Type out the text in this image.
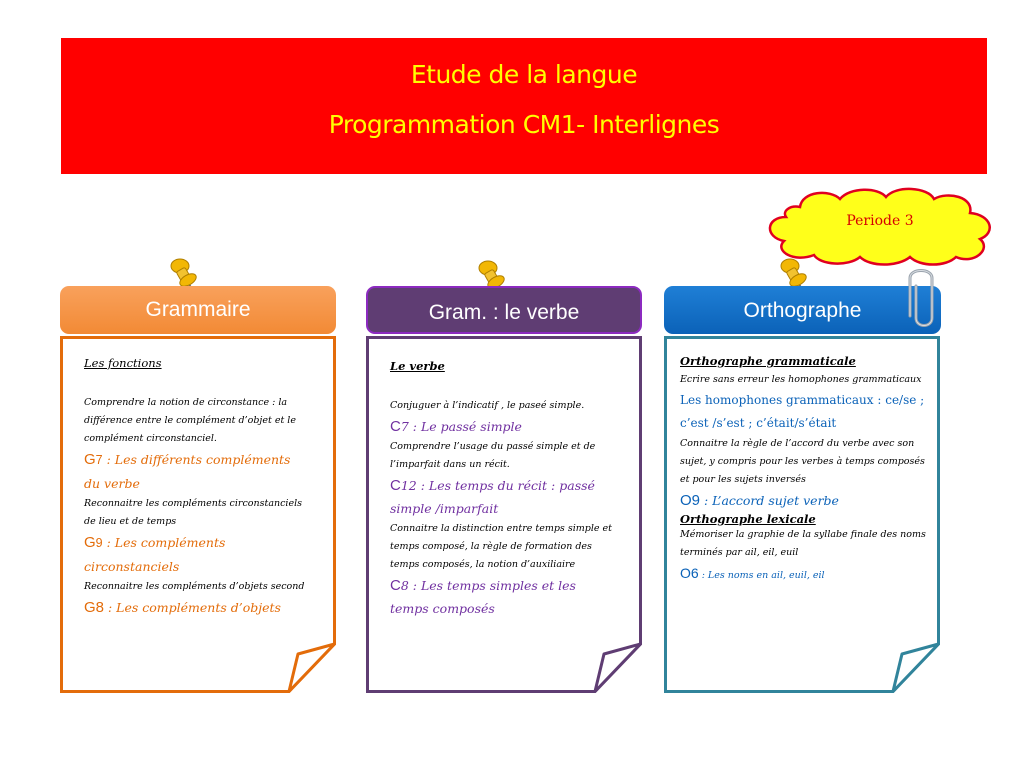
Etude de la langue
Programmation CM1- Interlignes
Periode 3
Grammaire	Gram. : le verbe	Orthographe
Les fonctions
Comprendre la notion de circonstance : la différence entre le complément d’objet et le complément circonstanciel.
G7 : Les différents compléments du verbe
Reconnaitre les compléments circonstanciels de lieu et de temps
G9 : Les compléments circonstanciels
Reconnaitre les compléments d’objets second
G8 : Les compléments d’objets
Le verbe
Conjuguer à l’indicatif , le paseé simple.
C7 : Le passé simple
Comprendre l’usage du passé simple et de l’imparfait dans un récit.
C12 : Les temps du récit : passé simple /imparfait
Connaitre la distinction entre temps simple et temps composé, la règle de formation des temps composés, la notion d’auxiliaire
C8 : Les temps simples et les temps composés
Orthographe grammaticale
Ecrire sans erreur les homophones grammaticaux
Les homophones grammaticaux : ce/se ; c’est /s’est ; c’était/s’était
Connaitre la règle de l’accord du verbe avec son sujet, y compris pour les verbes à temps composés et pour les sujets inversés
O9 : L’accord sujet verbe
Orthographe lexicale
Mémoriser la graphie de la syllabe finale des noms terminés par ail, eil, euil
O6 : Les noms en ail, euil, eil
